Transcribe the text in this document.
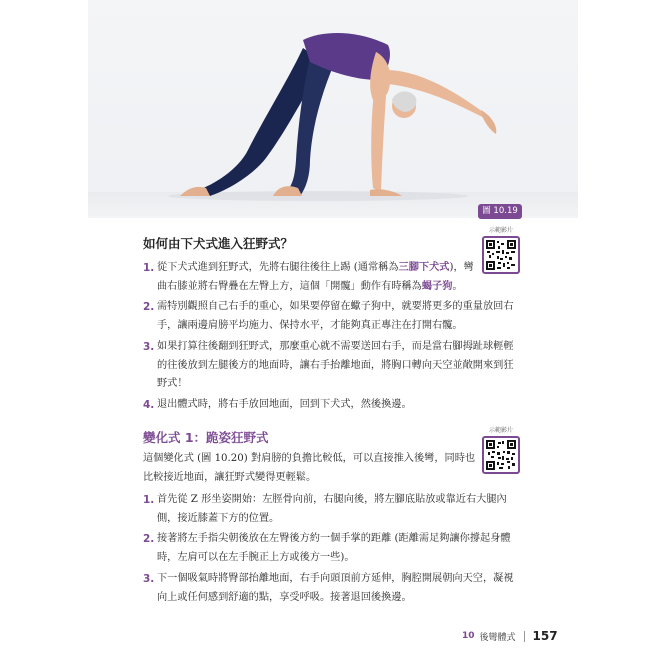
圖 10.19
如何由下犬式進入狂野式？
示範影片
1. 從下犬式進到狂野式，先將右腿往後往上踢 (通常稱為三腳下犬式)，彎曲右膝並將右臀疊在左臀上方，這個「開髖」動作有時稱為蝎子狗。
2. 需特別觀照自己右手的重心，如果要停留在蠍子狗中，就要將更多的重量放回右手，讓兩邊肩膀平均施力、保持水平，才能夠真正專注在打開右髖。
3. 如果打算往後翻到狂野式，那麼重心就不需要送回右手，而是當右腳拇趾球輕輕的往後放到左腿後方的地面時，讓右手抬離地面，將胸口轉向天空並敞開來到狂野式！
4. 退出體式時，將右手放回地面，回到下犬式，然後換邊。
變化式 1：跪姿狂野式	示範影片
這個變化式 (圖 10.20) 對肩膀的負擔比較低，可以直接推入後彎，同時也比較接近地面，讓狂野式變得更輕鬆。
1. 首先從 Z 形坐姿開始：左脛骨向前，右腿向後，將左腳底貼放或靠近右大腿內側，接近膝蓋下方的位置。
2. 接著將左手指尖朝後放在左臀後方約一個手掌的距離 (距離需足夠讓你撐起身體時，左肩可以在左手腕正上方或後方一些)。
3. 下一個吸氣時將臀部抬離地面，右手向頭頂前方延伸，胸腔開展朝向天空，凝視向上或任何感到舒適的點，享受呼吸。接著退回後換邊。
10 後彎體式 157
